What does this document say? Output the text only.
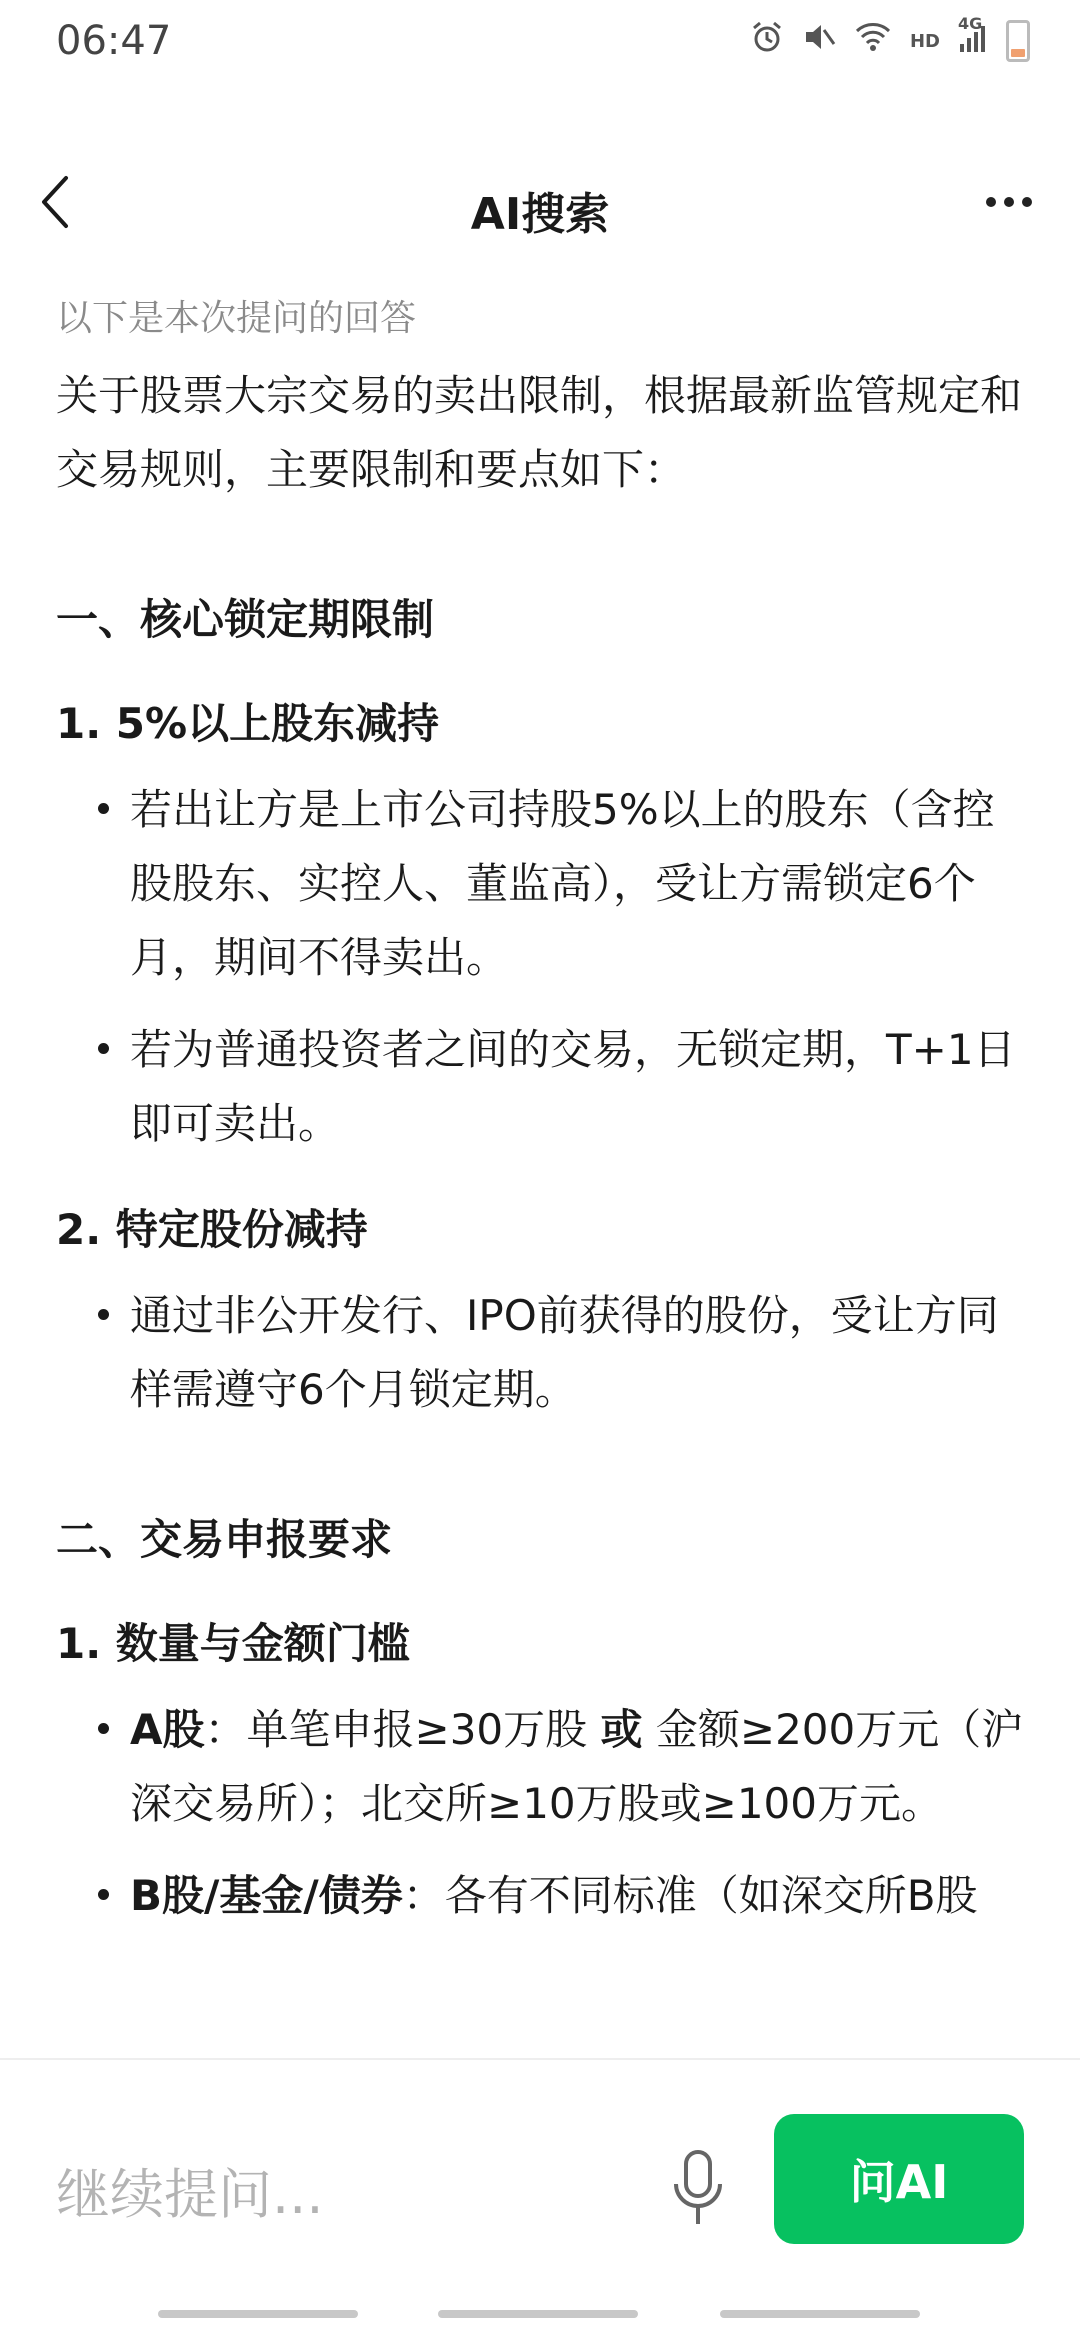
06:47	HD
4G
AI搜索

以下是本次提问的回答

关于股票大宗交易的卖出限制，根据最新监管规定和交易规则，主要限制和要点如下：

一、核心锁定期限制

1. 5%以上股东减持

若出让方是上市公司持股5%以上的股东（含控股股东、实控人、董监高），受让方需锁定6个月，期间不得卖出。
若为普通投资者之间的交易，无锁定期，T+1日即可卖出。

2. 特定股份减持

通过非公开发行、IPO前获得的股份，受让方同样需遵守6个月锁定期。

二、交易申报要求

1. 数量与金额门槛

A股：单笔申报≥30万股 或 金额≥200万元（沪深交易所）；北交所≥10万股或≥100万元。
B股/基金/债券：各有不同标准（如深交所B股
继续提问...	问AI
